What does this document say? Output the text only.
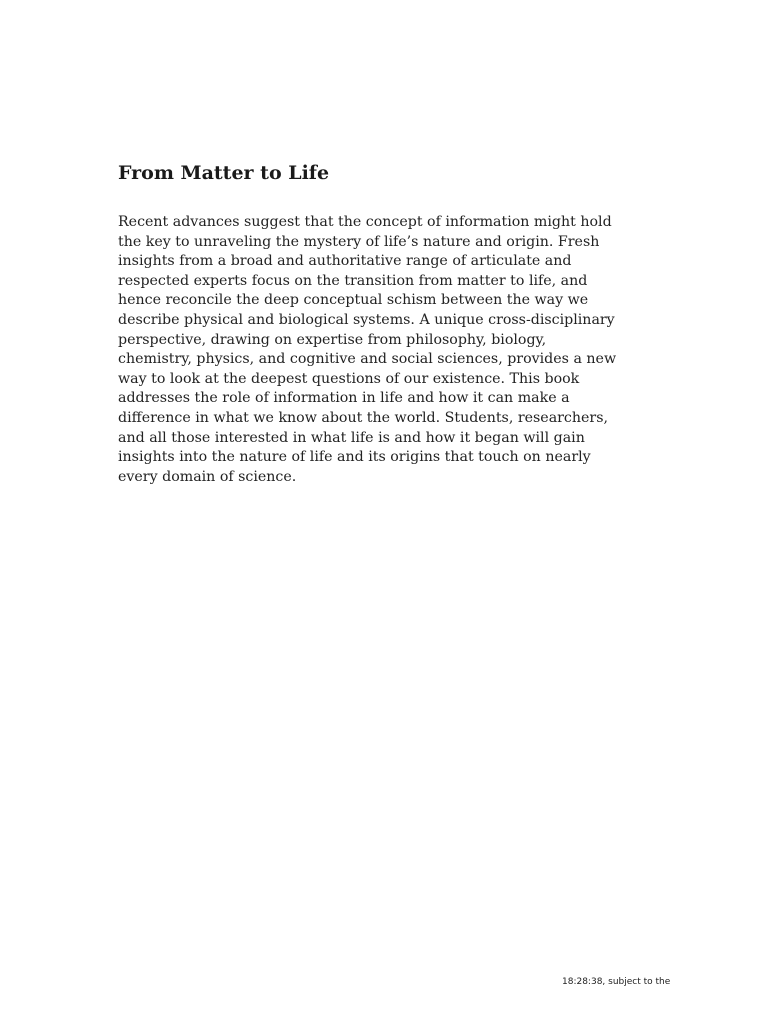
From Matter to Life
Recent advances suggest that the concept of information might hold
the key to unraveling the mystery of life’s nature and origin. Fresh
insights from a broad and authoritative range of articulate and
respected experts focus on the transition from matter to life, and
hence reconcile the deep conceptual schism between the way we
describe physical and biological systems. A unique cross-disciplinary
perspective, drawing on expertise from philosophy, biology,
chemistry, physics, and cognitive and social sciences, provides a new
way to look at the deepest questions of our existence. This book
addresses the role of information in life and how it can make a
difference in what we know about the world. Students, researchers,
and all those interested in what life is and how it began will gain
insights into the nature of life and its origins that touch on nearly
every domain of science.

18:28:38, subject to the
